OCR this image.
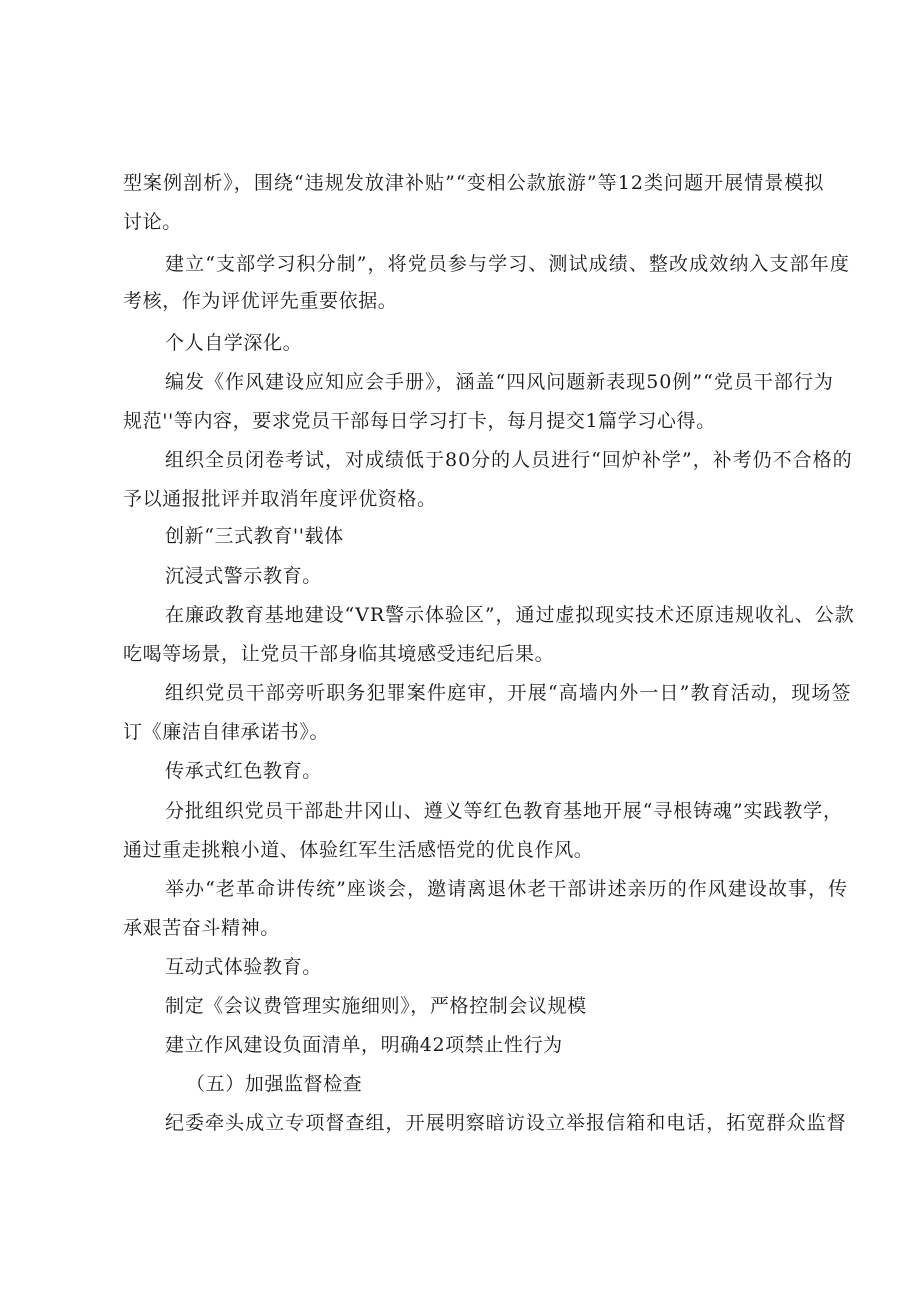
型案例剖析》，围绕“违规发放津补贴”“变相公款旅游”等12类问题开展情景模拟
讨论。
建立“支部学习积分制”，将党员参与学习、测试成绩、整改成效纳入支部年度
考核，作为评优评先重要依据。
个人自学深化。
编发《作风建设应知应会手册》，涵盖“四风问题新表现50例”“党员干部行为
规范''等内容，要求党员干部每日学习打卡，每月提交1篇学习心得。
组织全员闭卷考试，对成绩低于80分的人员进行“回炉补学”，补考仍不合格的
予以通报批评并取消年度评优资格。
创新“三式教育''载体
沉浸式警示教育。
在廉政教育基地建设“VR警示体验区”，通过虚拟现实技术还原违规收礼、公款
吃喝等场景，让党员干部身临其境感受违纪后果。
组织党员干部旁听职务犯罪案件庭审，开展“高墙内外一日”教育活动，现场签
订《廉洁自律承诺书》。
传承式红色教育。
分批组织党员干部赴井冈山、遵义等红色教育基地开展“寻根铸魂”实践教学，
通过重走挑粮小道、体验红军生活感悟党的优良作风。
举办“老革命讲传统”座谈会，邀请离退休老干部讲述亲历的作风建设故事，传
承艰苦奋斗精神。
互动式体验教育。
制定《会议费管理实施细则》，严格控制会议规模
建立作风建设负面清单，明确42项禁止性行为
（五）加强监督检查
纪委牵头成立专项督查组，开展明察暗访设立举报信箱和电话，拓宽群众监督
